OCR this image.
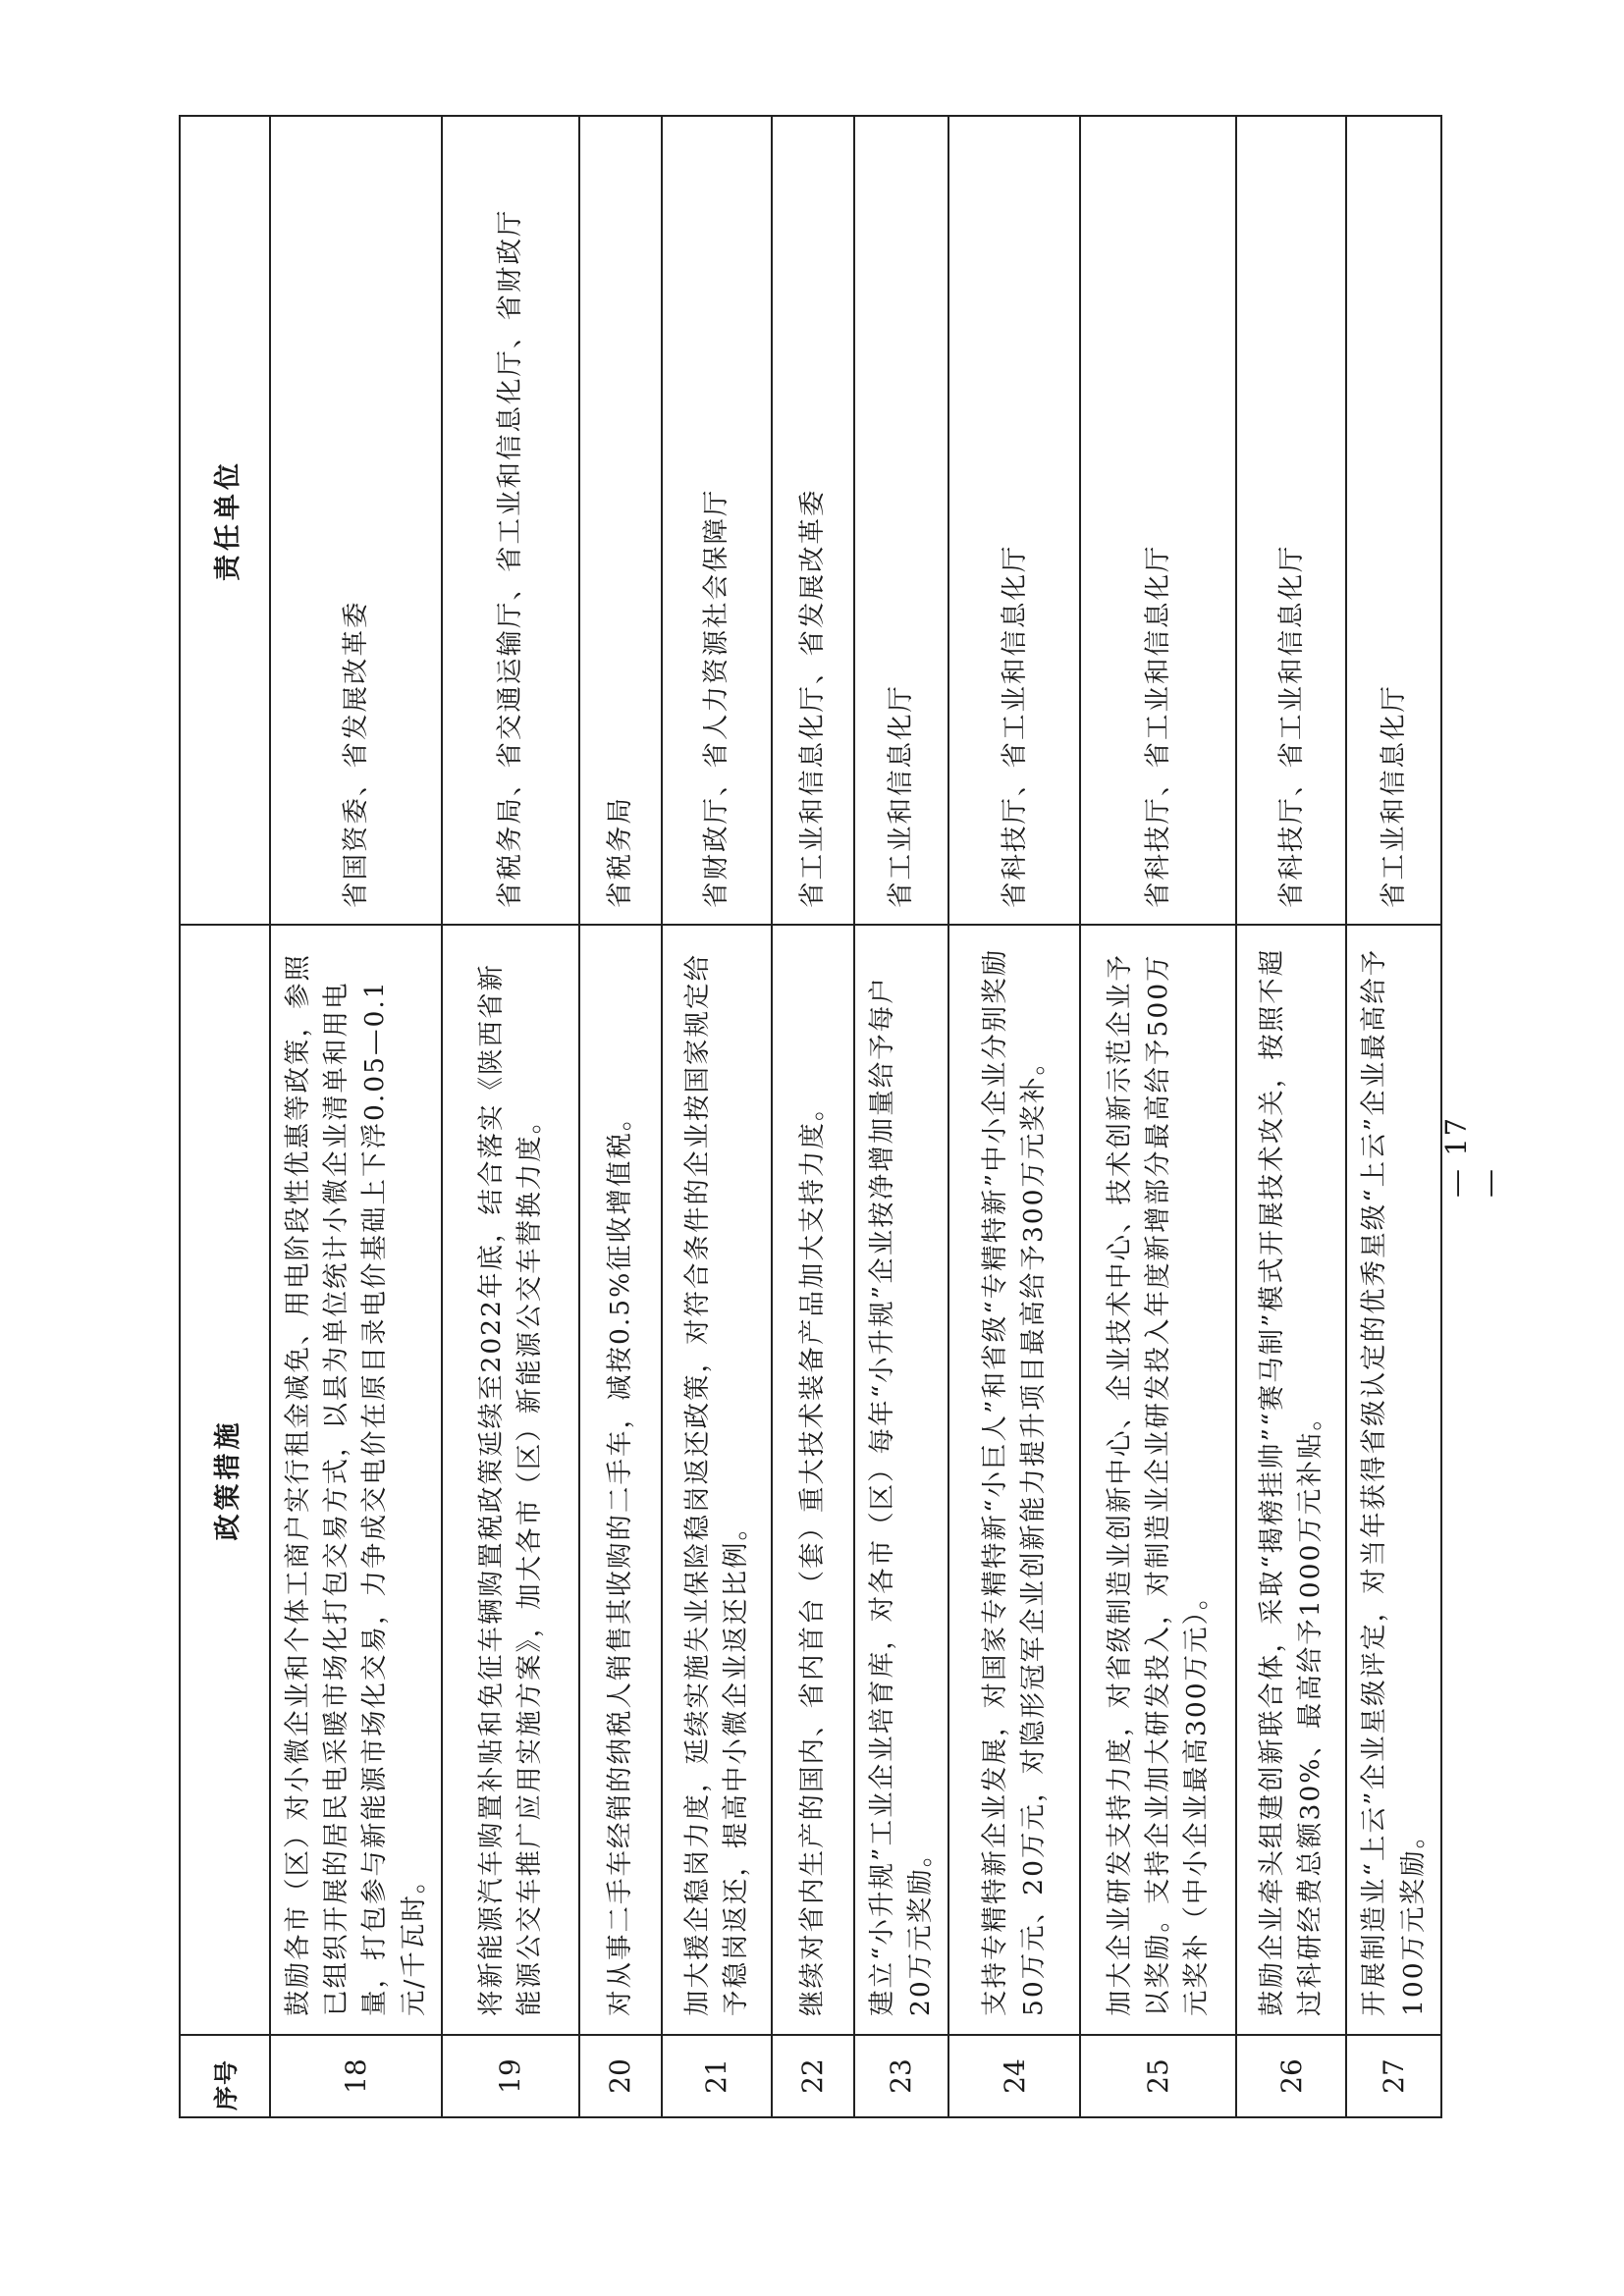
序号	政策措施	责任单位
18	鼓励各市（区）对小微企业和个体工商户实行租金减免、用电阶段性优惠等政策，参照已组织开展的居民电采暖市场化打包交易方式，以县为单位统计小微企业清单和用电量，打包参与新能源市场化交易，力争成交电价在原目录电价基础上下浮0.05—0.1元/千瓦时。	省国资委、省发展改革委
19	将新能源汽车购置补贴和免征车辆购置税政策延续至2022年底，结合落实《陕西省新能源公交车推广应用实施方案》，加大各市（区）新能源公交车替换力度。	省税务局、省交通运输厅、省工业和信息化厅、省财政厅
20	对从事二手车经销的纳税人销售其收购的二手车，减按0.5%征收增值税。	省税务局
21	加大援企稳岗力度，延续实施失业保险稳岗返还政策，对符合条件的企业按国家规定给予稳岗返还，提高中小微企业返还比例。	省财政厅、省人力资源社会保障厅
22	继续对省内生产的国内、省内首台（套）重大技术装备产品加大支持力度。	省工业和信息化厅、省发展改革委
23	建立“小升规”工业企业培育库，对各市（区）每年“小升规”企业按净增加量给予每户20万元奖励。	省工业和信息化厅
24	支持专精特新企业发展，对国家专精特新“小巨人”和省级“专精特新”中小企业分别奖励50万元、20万元，对隐形冠军企业创新能力提升项目最高给予300万元奖补。	省科技厅、省工业和信息化厅
25	加大企业研发支持力度，对省级制造业创新中心、企业技术中心、技术创新示范企业予以奖励。支持企业加大研发投入，对制造业企业研发投入年度新增部分最高给予500万元奖补（中小企业最高300万元）。	省科技厅、省工业和信息化厅
26	鼓励企业牵头组建创新联合体，采取“揭榜挂帅”“赛马制”模式开展技术攻关，按照不超过科研经费总额30%、最高给予1000万元补贴。	省科技厅、省工业和信息化厅
27	开展制造业“上云”企业星级评定，对当年获得省级认定的优秀星级“上云”企业最高给予100万元奖励。	省工业和信息化厅
— 17 —
